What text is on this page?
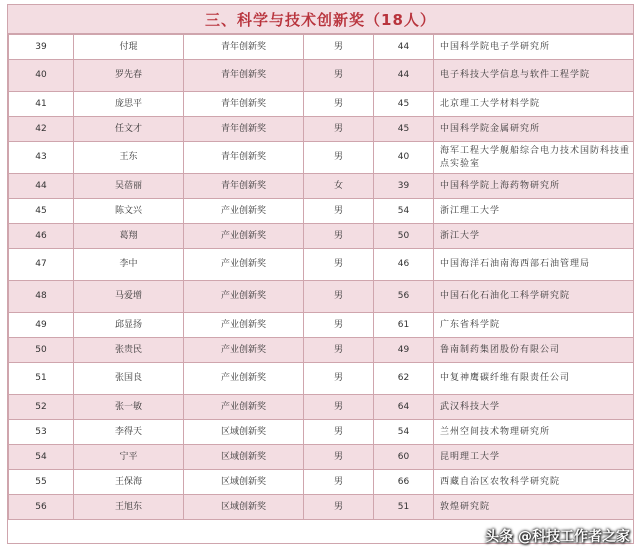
三、科学与技术创新奖（18人）
39	付琨	青年创新奖	男	44	中国科学院电子学研究所
40	罗先春	青年创新奖	男	44	电子科技大学信息与软件工程学院
41	庞思平	青年创新奖	男	45	北京理工大学材料学院
42	任文才	青年创新奖	男	45	中国科学院金属研究所
43	王东	青年创新奖	男	40	海军工程大学舰船综合电力技术国防科技重点实验室
44	吴蓓丽	青年创新奖	女	39	中国科学院上海药物研究所
45	陈文兴	产业创新奖	男	54	浙江理工大学
46	葛翔	产业创新奖	男	50	浙江大学
47	李中	产业创新奖	男	46	中国海洋石油南海西部石油管理局
48	马爱增	产业创新奖	男	56	中国石化石油化工科学研究院
49	邱显扬	产业创新奖	男	61	广东省科学院
50	张贵民	产业创新奖	男	49	鲁南制药集团股份有限公司
51	张国良	产业创新奖	男	62	中复神鹰碳纤维有限责任公司
52	张一敏	产业创新奖	男	64	武汉科技大学
53	李得天	区域创新奖	男	54	兰州空间技术物理研究所
54	宁平	区域创新奖	男	60	昆明理工大学
55	王保海	区域创新奖	男	66	西藏自治区农牧科学研究院
56	王旭东	区域创新奖	男	51	敦煌研究院
头条 @科技工作者之家
